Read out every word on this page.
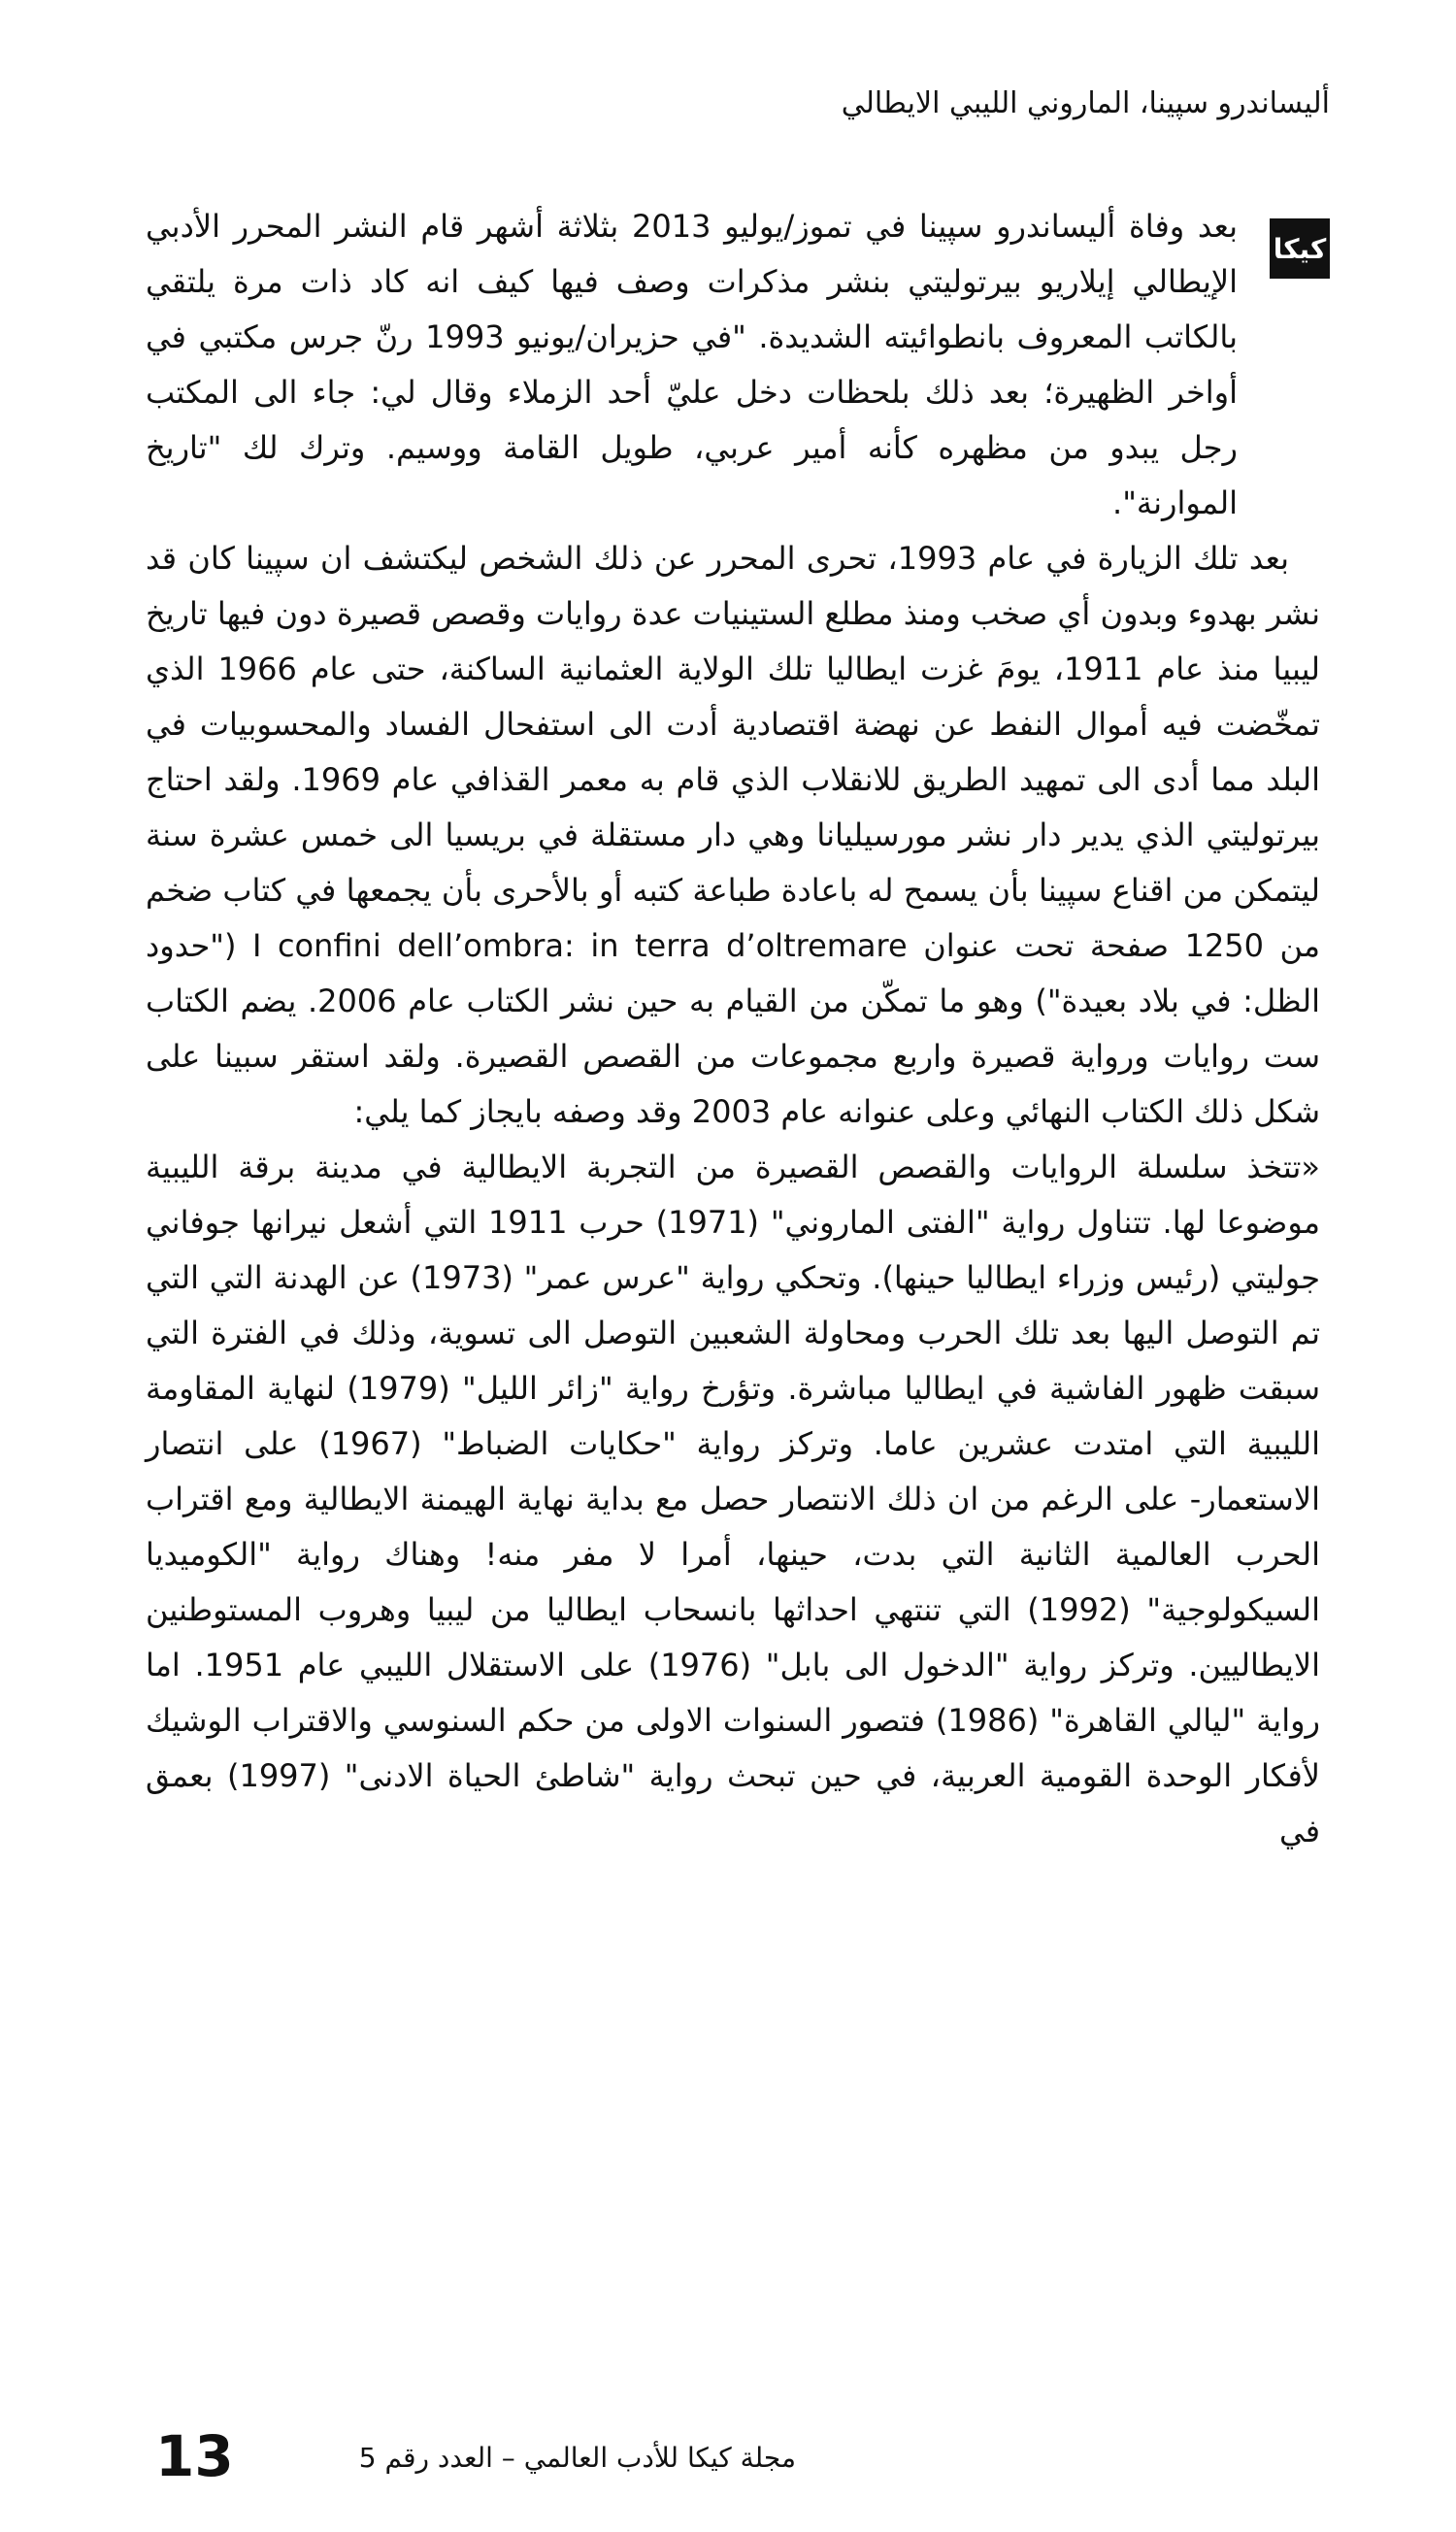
أليساندرو سپينا، الماروني الليبي الايطالي
كيكا

بعد وفاة أليساندرو سپينا في تموز/يوليو 2013 بثلاثة أشهر قام النشر المحرر الأدبي الإيطالي إيلاريو بيرتوليتي بنشر مذكرات وصف فيها كيف انه كاد ذات مرة يلتقي بالكاتب المعروف بانطوائيته الشديدة. "في حزيران/يونيو 1993 رنّ جرس مكتبي في أواخر الظهيرة؛ بعد ذلك بلحظات دخل عليّ أحد الزملاء وقال لي: جاء الى المكتب رجل يبدو من مظهره كأنه أمير عربي، طويل القامة ووسيم. وترك لك "تاريخ الموارنة".

بعد تلك الزيارة في عام 1993، تحرى المحرر عن ذلك الشخص ليكتشف ان سپينا كان قد نشر بهدوء وبدون أي صخب ومنذ مطلع الستينيات عدة روايات وقصص قصيرة دون فيها تاريخ ليبيا منذ عام 1911، يومَ غزت ايطاليا تلك الولاية العثمانية الساكنة، حتى عام 1966 الذي تمخّضت فيه أموال النفط عن نهضة اقتصادية أدت الى استفحال الفساد والمحسوبيات في البلد مما أدى الى تمهيد الطريق للانقلاب الذي قام به معمر القذافي عام 1969. ولقد احتاج بيرتوليتي الذي يدير دار نشر مورسيليانا وهي دار مستقلة في بريسيا الى خمس عشرة سنة ليتمكن من اقناع سپينا بأن يسمح له باعادة طباعة كتبه أو بالأحرى بأن يجمعها في كتاب ضخم من 1250 صفحة تحت عنوان I confini dell’ombra: in terra d’oltremare ("حدود الظل: في بلاد بعيدة") وهو ما تمكّن من القيام به حين نشر الكتاب عام 2006. يضم الكتاب ست روايات ورواية قصيرة واربع مجموعات من القصص القصيرة. ولقد استقر سبينا على شكل ذلك الكتاب النهائي وعلى عنوانه عام 2003 وقد وصفه بايجاز كما يلي:

«تتخذ سلسلة الروايات والقصص القصيرة من التجربة الايطالية في مدينة برقة الليبية موضوعا لها. تتناول رواية "الفتى الماروني" (1971) حرب 1911 التي أشعل نيرانها جوفاني جوليتي (رئيس وزراء ايطاليا حينها). وتحكي رواية "عرس عمر" (1973) عن الهدنة التي التي تم التوصل اليها بعد تلك الحرب ومحاولة الشعبين التوصل الى تسوية، وذلك في الفترة التي سبقت ظهور الفاشية في ايطاليا مباشرة. وتؤرخ رواية "زائر الليل" (1979) لنهاية المقاومة الليبية التي امتدت عشرين عاما. وتركز رواية "حكايات الضباط" (1967) على انتصار الاستعمار- على الرغم من ان ذلك الانتصار حصل مع بداية نهاية الهيمنة الايطالية ومع اقتراب الحرب العالمية الثانية التي بدت، حينها، أمرا لا مفر منه! وهناك رواية "الكوميديا السيكولوجية" (1992) التي تنتهي احداثها بانسحاب ايطاليا من ليبيا وهروب المستوطنين الايطاليين. وتركز رواية "الدخول الى بابل" (1976) على الاستقلال الليبي عام 1951. اما رواية "ليالي القاهرة" (1986) فتصور السنوات الاولى من حكم السنوسي والاقتراب الوشيك لأفكار الوحدة القومية العربية، في حين تبحث رواية "شاطئ الحياة الادنى" (1997) بعمق في

13	مجلة كيكا للأدب العالمي – العدد رقم 5
